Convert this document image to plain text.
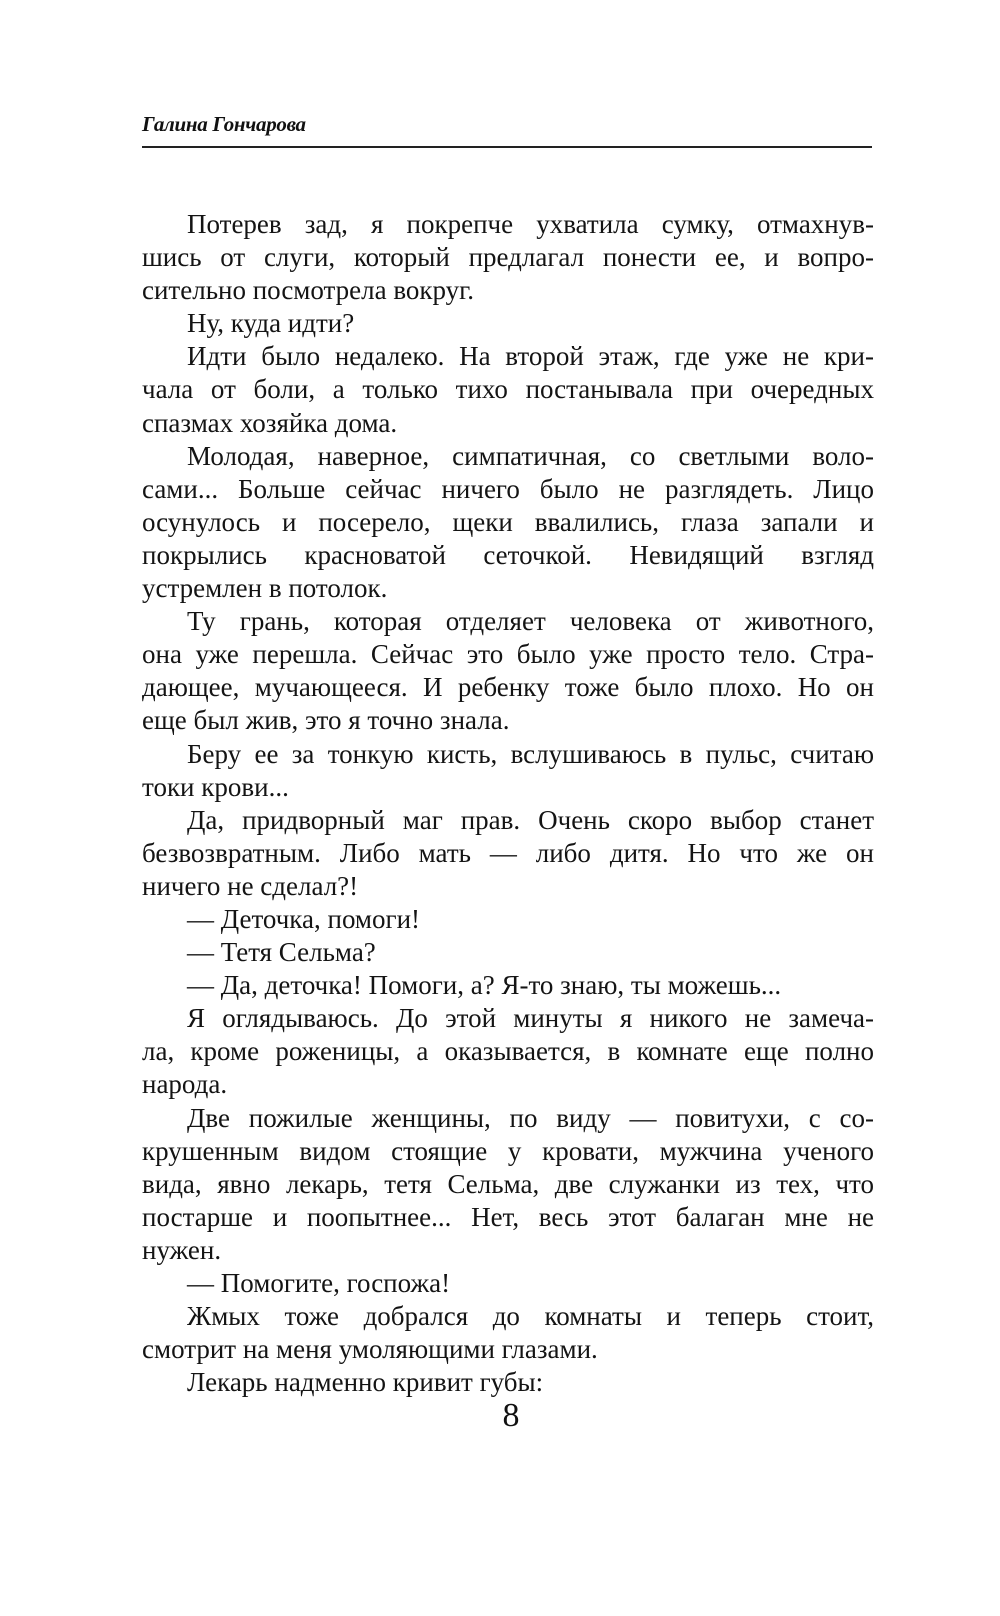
Галина Гончарова
Потерев зад, я покрепче ухватила сумку, отмахнув-
шись от слуги, который предлагал понести ее, и вопро-
сительно посмотрела вокруг.
Ну, куда идти?
Идти было недалеко. На второй этаж, где уже не кри-
чала от боли, а только тихо постанывала при очередных
спазмах хозяйка дома.
Молодая, наверное, симпатичная, со светлыми воло-
сами... Больше сейчас ничего было не разглядеть. Лицо
осунулось и посерело, щеки ввалились, глаза запали и
покрылись красноватой сеточкой. Невидящий взгляд
устремлен в потолок.
Ту грань, которая отделяет человека от животного,
она уже перешла. Сейчас это было уже просто тело. Стра-
дающее, мучающееся. И ребенку тоже было плохо. Но он
еще был жив, это я точно знала.
Беру ее за тонкую кисть, вслушиваюсь в пульс, считаю
токи крови...
Да, придворный маг прав. Очень скоро выбор станет
безвозвратным. Либо мать — либо дитя. Но что же он
ничего не сделал?!
— Деточка, помоги!
— Тетя Сельма?
— Да, деточка! Помоги, а? Я-то знаю, ты можешь...
Я оглядываюсь. До этой минуты я никого не замеча-
ла, кроме роженицы, а оказывается, в комнате еще полно
народа.
Две пожилые женщины, по виду — повитухи, с со-
крушенным видом стоящие у кровати, мужчина ученого
вида, явно лекарь, тетя Сельма, две служанки из тех, что
постарше и поопытнее... Нет, весь этот балаган мне не
нужен.
— Помогите, госпожа!
Жмых тоже добрался до комнаты и теперь стоит,
смотрит на меня умоляющими глазами.
Лекарь надменно кривит губы:
8
